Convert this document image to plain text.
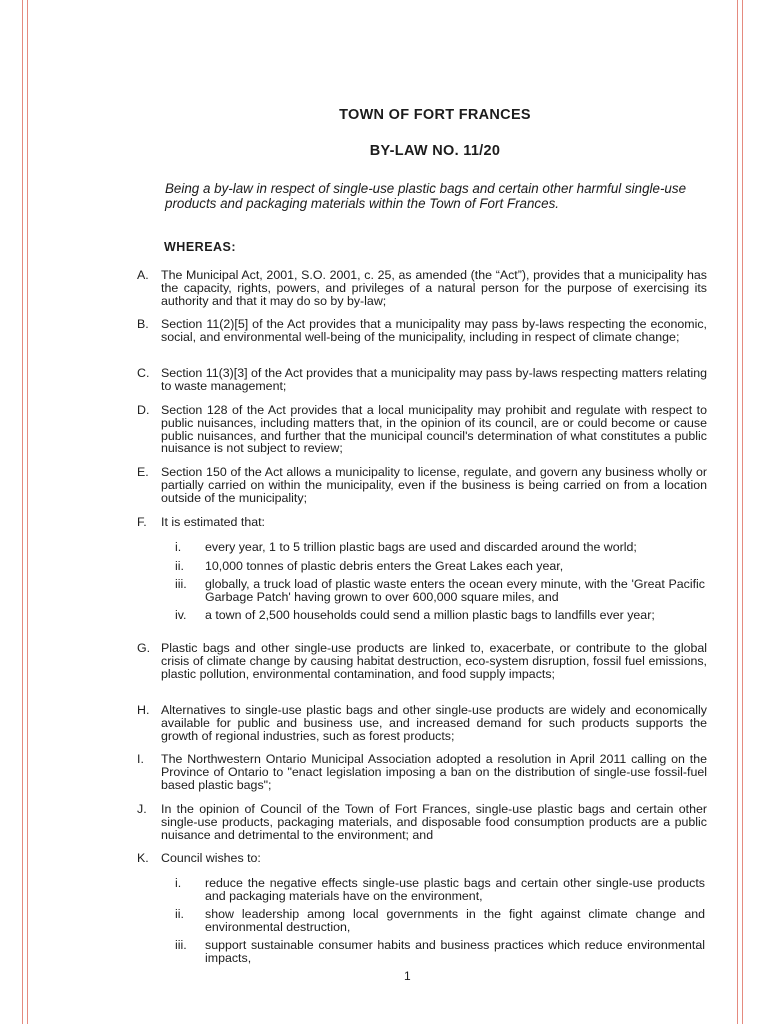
TOWN OF FORT FRANCES
BY-LAW NO. 11/20
Being a by-law in respect of single-use plastic bags and certain other harmful single-use products and packaging materials within the Town of Fort Frances.
WHEREAS:
A. The Municipal Act, 2001, S.O. 2001, c. 25, as amended (the “Act”), provides that a municipality has the capacity, rights, powers, and privileges of a natural person for the purpose of exercising its authority and that it may do so by by-law;
B. Section 11(2)[5] of the Act provides that a municipality may pass by-laws respecting the economic, social, and environmental well-being of the municipality, including in respect of climate change;
C. Section 11(3)[3] of the Act provides that a municipality may pass by-laws respecting matters relating to waste management;
D. Section 128 of the Act provides that a local municipality may prohibit and regulate with respect to public nuisances, including matters that, in the opinion of its council, are or could become or cause public nuisances, and further that the municipal council's determination of what constitutes a public nuisance is not subject to review;
E. Section 150 of the Act allows a municipality to license, regulate, and govern any business wholly or partially carried on within the municipality, even if the business is being carried on from a location outside of the municipality;
F. It is estimated that:
i. every year, 1 to 5 trillion plastic bags are used and discarded around the world;
ii. 10,000 tonnes of plastic debris enters the Great Lakes each year,
iii. globally, a truck load of plastic waste enters the ocean every minute, with the 'Great Pacific Garbage Patch' having grown to over 600,000 square miles, and
iv. a town of 2,500 households could send a million plastic bags to landfills ever year;
G. Plastic bags and other single-use products are linked to, exacerbate, or contribute to the global crisis of climate change by causing habitat destruction, eco-system disruption, fossil fuel emissions, plastic pollution, environmental contamination, and food supply impacts;
H. Alternatives to single-use plastic bags and other single-use products are widely and economically available for public and business use, and increased demand for such products supports the growth of regional industries, such as forest products;
I. The Northwestern Ontario Municipal Association adopted a resolution in April 2011 calling on the Province of Ontario to "enact legislation imposing a ban on the distribution of single-use fossil-fuel based plastic bags";
J. In the opinion of Council of the Town of Fort Frances, single-use plastic bags and certain other single-use products, packaging materials, and disposable food consumption products are a public nuisance and detrimental to the environment; and
K. Council wishes to:
i. reduce the negative effects single-use plastic bags and certain other single-use products and packaging materials have on the environment,
ii. show leadership among local governments in the fight against climate change and environmental destruction,
iii. support sustainable consumer habits and business practices which reduce environmental impacts,
1
